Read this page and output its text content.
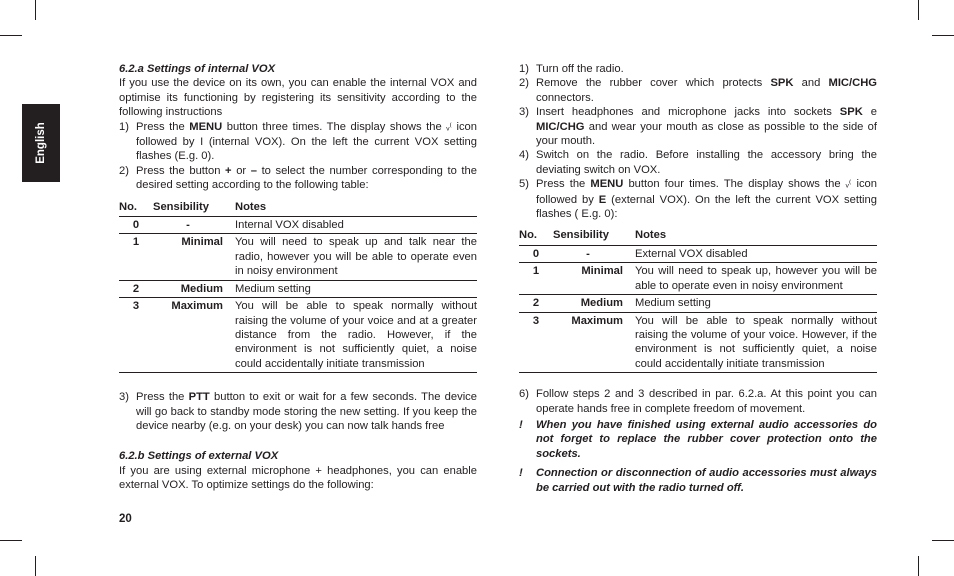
English
6.2.a Settings of internal VOX

If you use the device on its own, you can enable the internal VOX and optimise its functioning by registering its sensitivity according to the following instructions

1) Press the MENU button three times. The display shows the ᵥ⁽ icon followed by I (internal VOX). On the left the current VOX setting flashes (E.g. 0).
2) Press the button + or – to select the number corresponding to the desired setting according to the following table:
No.	Sensibility	Notes
0	-	Internal VOX disabled
1	Minimal	You will need to speak up and talk near the radio, however you will be able to operate even in noisy environment
2	Medium	Medium setting
3	Maximum	You will be able to speak normally without raising the volume of your voice and at a greater distance from the radio. However, if the environment is not sufficiently quiet, a noise could accidentally initiate transmission
3) Press the PTT button to exit or wait for a few seconds. The device will go back to standby mode storing the new setting. If you keep the device nearby (e.g. on your desk) you can now talk hands free
6.2.b Settings of external VOX

If you are using external microphone + headphones, you can enable external VOX. To optimize settings do the following:

1) Turn off the radio.
2) Remove the rubber cover which protects SPK and MIC/CHG connectors.
3) Insert headphones and microphone jacks into sockets SPK e MIC/CHG and wear your mouth as close as possible to the side of your mouth.
4) Switch on the radio. Before installing the accessory bring the deviating switch on VOX.
5) Press the MENU button four times. The display shows the ᵥ⁽ icon followed by E (external VOX). On the left the current VOX setting flashes ( E.g. 0):
No.	Sensibility	Notes
0	-	External VOX disabled
1	Minimal	You will need to speak up, however you will be able to operate even in noisy environment
2	Medium	Medium setting
3	Maximum	You will be able to speak normally without raising the volume of your voice. However, if the environment is not sufficiently quiet, a noise could accidentally initiate transmission
6) Follow steps 2 and 3 described in par. 6.2.a. At this point you can operate hands free in complete freedom of movement.
! When you have finished using external audio accessories do not forget to replace the rubber cover protection onto the sockets.
! Connection or disconnection of audio accessories must always be carried out with the radio turned off.
20
